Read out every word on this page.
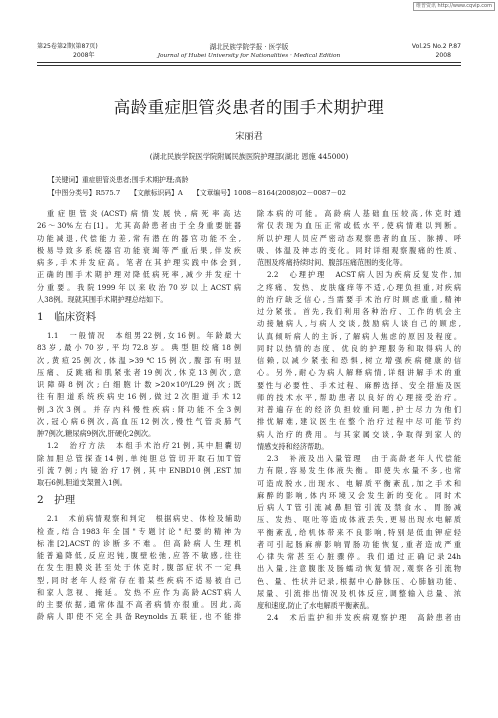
维普资讯 http://www.cqvip.com
第25卷第2期(第87页)
2008年
湖北民族学院学报 · 医学版
Journal of Hubei University for Nationalities · Medical Edition
Vol.25 No.2 P.87
2008
高龄重症胆管炎患者的围手术期护理
宋丽君
(湖北民族学院医学院附属民族医院护理部(湖北 恩施 445000)
【关键词】重症胆管炎患者;围手术期护理;高龄
【中图分类号】R575.7　　【文献标识码】A　　【文章编号】1008－8164(2008)02－0087－02
重症胆管炎(ACST)病情发展快,病死率高达
26～30%左右[1]。尤其高龄患者由于全身重要脏器
功能减退,代偿能力差,常有潜在的器官功能不全,
极易导致多系统器官功能衰竭等严重后果,伴发疾
病多,手术并发症高。笔者在其护理实践中体会到,
正确的围手术期护理对降低病死率,减少并发症十
分重要。我院1999年以来收治70岁以上ACST病
人38例。现就其围手术期护理总结如下。
1　临床资料
1.1　一般情况　本组男22例,女16例。年龄最大
83岁,最小70岁,平均72.8岁。典型胆绞痛18例
次,黄疸25例次,体温>39℃15例次,腹部有明显
压痛、反跳痛和肌紧张者19例次,休克13例次,意
识障碍8例次;白细胞计数>20×10⁹/L29例次;既
往有胆道系统疾病史16例,做过2次胆道手术12
例,3次3例。并存内科慢性疾病:肾功能不全3例
次,冠心病6例次,高血压12例次,慢性气管炎肺气
肿7例次,糖尿病9例次,肝硬化2例次。
1.2　治疗方法　本组手术治疗21例,其中胆囊切
除加胆总管探查14例,单纯胆总管切开取石加T管
引流7例;内镜治疗17例,其中ENBD10例,EST加
取石6例,胆道支架置入1例。
2　护理
2.1　术前病情观察和判定　根据病史、体检及辅助
检查,结合1983年全国"专题讨论"纪要的精神为
标准[2],ACST的诊断多不难。但高龄病人生理机
能普遍降低,反应迟钝,腹壁松弛,应答不敏感,往往
在发生胆膜炎甚至处于休克时,腹部症状不一定典
型,同时老年人经常存在着某些疾病不适易被自己
和家人忽视、掩延。发热不应作为高龄ACST病人
的主要依据,通常体温不高者病情亦很重。因此,高
龄病人即使不完全具备Reynolds五联征,也不能排
除本病的可能。高龄病人基础血压较高,休克时通
常仅表现为血压正常或低水平,使病情难以判断。
所以护理人员应严密动态观察患者的血压、脉搏、呼
吸、体温及神志的变化。同时详细观察腹痛的性质、
范围及疼痛持续时间、腹部压痛范围的变化等。
2.2　心理护理　ACST病人因为疾病反复发作,加
之疼痛、发热、皮肤瘙痒等不适,心理负担重,对疾病
的治疗缺乏信心,当需要手术治疗时顾虑重重,精神
过分紧张。首先,我们利用各种治疗、工作的机会主
动接触病人,与病人交谈,鼓励病人谈自己的顾虑,
认真倾听病人的主诉,了解病人焦虑的原因及程度。
同时以热情的态度、优良的护理服务和取得病人的
信赖,以减少紧张和恐惧,树立增强疾病健康的信
心。另外,耐心为病人解释病情,详细讲解手术的重
要性与必要性、手术过程、麻醉选择、安全措施及医
师的技术水平,帮助患者以良好的心理接受治疗。
对普遍存在的经济负担较重问题,护士尽力为他们
排忧解难,建议医生在整个治疗过程中尽可能节约
病人治疗的费用。与其家属交谈,争取得到家人的
情感支持和经济帮助。
2.3　补液及出入量管理　由于高龄老年人代偿能
力有限,容易发生体液失衡。即使失水量不多,也常
可造成脱水,出现水、电解质平衡紊乱,加之手术和
麻醉的影响,体内环境又会发生新的变化。同时术
后病人T管引流减鼻胆管引流及禁食水、胃肠减
压、发热、呕吐等造成体液丢失,更易出现水电解质
平衡紊乱,给机体带来不良影响,特别是低血钾症轻
者可引起肠麻痹影响胃肠功能恢复,重者造成严重
心律失常甚至心脏骤停。我们通过正确记录24h
出入量,注意腹胀及肠蠕动恢复情况,观察各引流物
色、量、性状并记录,根据中心静脉压、心肺脑功能、
尿量、引流排出情况及机体反应,调整输入总量、浓
度和速度,防止了水电解质平衡紊乱。
2.4　术后监护和并发疾病观察护理　高龄患者由
